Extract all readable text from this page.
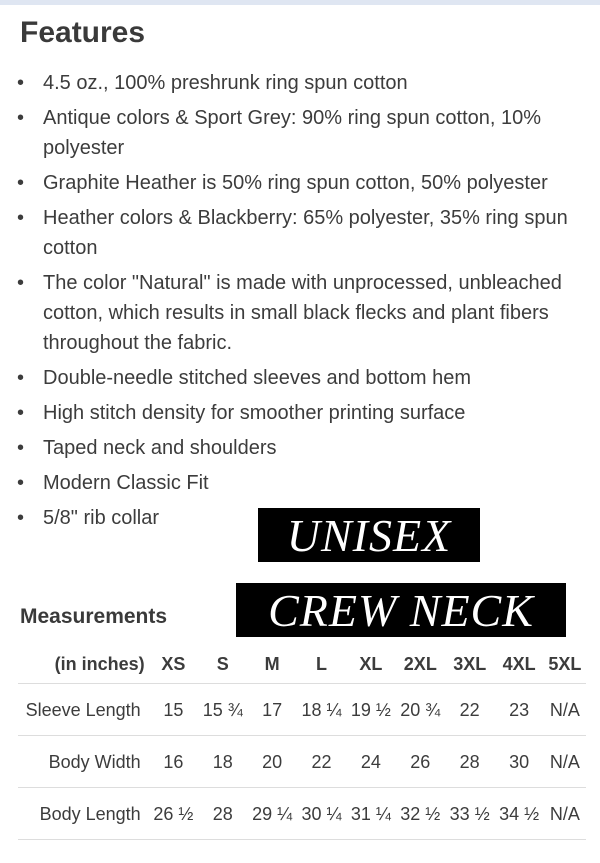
Features
• 4.5 oz., 100% preshrunk ring spun cotton
• Antique colors & Sport Grey: 90% ring spun cotton, 10% polyester
• Graphite Heather is 50% ring spun cotton, 50% polyester
• Heather colors & Blackberry: 65% polyester, 35% ring spun cotton
• The color "Natural" is made with unprocessed, unbleached cotton, which results in small black flecks and plant fibers throughout the fabric.
• Double-needle stitched sleeves and bottom hem
• High stitch density for smoother printing surface
• Taped neck and shoulders
• Modern Classic Fit
• 5/8" rib collar	UNISEX
Measurements	CREW NECK
(in inches)	XS	S	M	L	XL	2XL	3XL	4XL	5XL
Sleeve Length	15	15 ¾	17	18 ¼	19 ½	20 ¾	22	23	N/A
Body Width	16	18	20	22	24	26	28	30	N/A
Body Length	26 ½	28	29 ¼	30 ¼	31 ¼	32 ½	33 ½	34 ½	N/A
